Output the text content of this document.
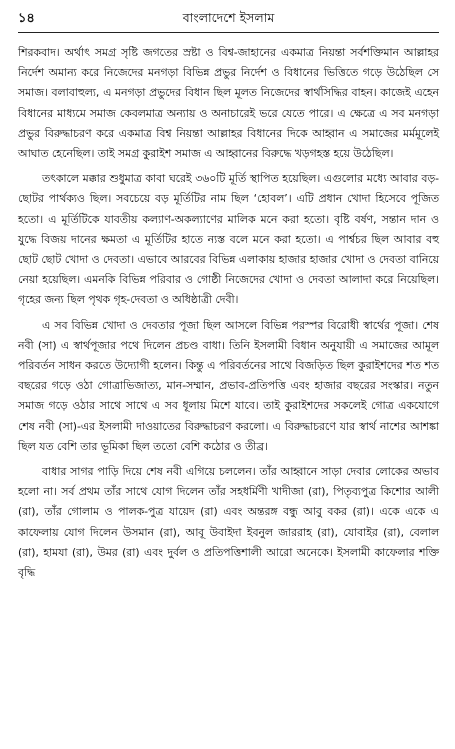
১৪	বাংলাদেশে ইসলাম

শিরকবাদ। অর্থাৎ সমগ্র সৃষ্টি জগতের স্রষ্টা ও বিশ্ব-জাহানের একমাত্র নিয়ন্তা সর্বশক্তিমান আল্লাহর নির্দেশ অমান্য করে নিজেদের মনগড়া বিভিন্ন প্রভুর নির্দেশ ও বিধানের ভিত্তিতে গড়ে উঠেছিল সে সমাজ। বলাবাহুল্য, এ মনগড়া প্রভুদের বিধান ছিল মূলত নিজেদের স্বার্থসিদ্ধির বাহন। কাজেই এহেন বিধানের মাধ্যমে সমাজ কেবলমাত্র অন্যায় ও অনাচারেই ভরে যেতে পারে। এ ক্ষেত্রে এ সব মনগড়া প্রভুর বিরুদ্ধাচরণ করে একমাত্র বিশ্ব নিয়ন্তা আল্লাহর বিধানের দিকে আহ্বান এ সমাজের মর্মমূলেই আঘাত হেনেছিল। তাই সমগ্র কুরাইশ সমাজ এ আহ্বানের বিরুদ্ধে খড়গহস্ত হয়ে উঠেছিল।

তৎকালে মক্কার শুধুমাত্র কাবা ঘরেই ৩৬০টি মূর্তি স্থাপিত হয়েছিল। এগুলোর মধ্যে আবার বড়-ছোটর পার্থক্যও ছিল। সবচেয়ে বড় মূর্তিটির নাম ছিল ‘হোবল’। এটি প্রধান খোদা হিসেবে পূজিত হতো। এ মূর্তিটিকে যাবতীয় কল্যাণ-অকল্যাণের মালিক মনে করা হতো। বৃষ্টি বর্ষণ, সন্তান দান ও যুদ্ধে বিজয় দানের ক্ষমতা এ মূর্তিটির হাতে ন্যস্ত বলে মনে করা হতো। এ পার্শ্বচর ছিল আবার বহু ছোট ছোট খোদা ও দেবতা। এভাবে আরবের বিভিন্ন এলাকায় হাজার হাজার খোদা ও দেবতা বানিয়ে নেয়া হয়েছিল। এমনকি বিভিন্ন পরিবার ও গোষ্ঠী নিজেদের খোদা ও দেবতা আলাদা করে নিয়েছিল। গৃহের জন্য ছিল পৃথক গৃহ-দেবতা ও অধিষ্ঠাত্রী দেবী।

এ সব বিভিন্ন খোদা ও দেবতার পূজা ছিল আসলে বিভিন্ন পরস্পর বিরোধী স্বার্থের পূজা। শেষ নবী (সা) এ স্বার্থপূজার পথে দিলেন প্রচণ্ড বাধা। তিনি ইসলামী বিধান অনুযায়ী এ সমাজের আমূল পরিবর্তন সাধন করতে উদ্যোগী হলেন। কিন্তু এ পরিবর্তনের সাথে বিজড়িত ছিল কুরাইশদের শত শত বছরের গড়ে ওঠা গোত্রাভিজাত্য, মান-সম্মান, প্রভাব-প্রতিপত্তি এবং হাজার বছরের সংস্কার। নতুন সমাজ গড়ে ওঠার সাথে সাথে এ সব ধূলায় মিশে যাবে। তাই কুরাইশদের সকলেই গোত্র একযোগে শেষ নবী (সা)-এর ইসলামী দাওয়াতের বিরুদ্ধাচরণ করলো। এ বিরুদ্ধাচরণে যার স্বার্থ নাশের আশঙ্কা ছিল যত বেশি তার ভূমিকা ছিল ততো বেশি কঠোর ও তীব্র।

বাধার সাগর পাড়ি দিয়ে শেষ নবী এগিয়ে চললেন। তাঁর আহ্বানে সাড়া দেবার লোকের অভাব হলো না। সর্ব প্রথম তাঁর সাথে যোগ দিলেন তাঁর সহধর্মিণী খাদীজা (রা), পিতৃব্যপুত্র কিশোর আলী (রা), তাঁর গোলাম ও পালক-পুত্র যায়েদ (রা) এবং অন্তরঙ্গ বন্ধু আবু বকর (রা)। একে একে এ কাফেলায় যোগ দিলেন উসমান (রা), আবূ উবাইদা ইবনুল জাররাহ (রা), যোবাইর (রা), বেলাল (রা), হামযা (রা), উমর (রা) এবং দুর্বল ও প্রতিপত্তিশালী আরো অনেকে। ইসলামী কাফেলার শক্তি বৃদ্ধি
